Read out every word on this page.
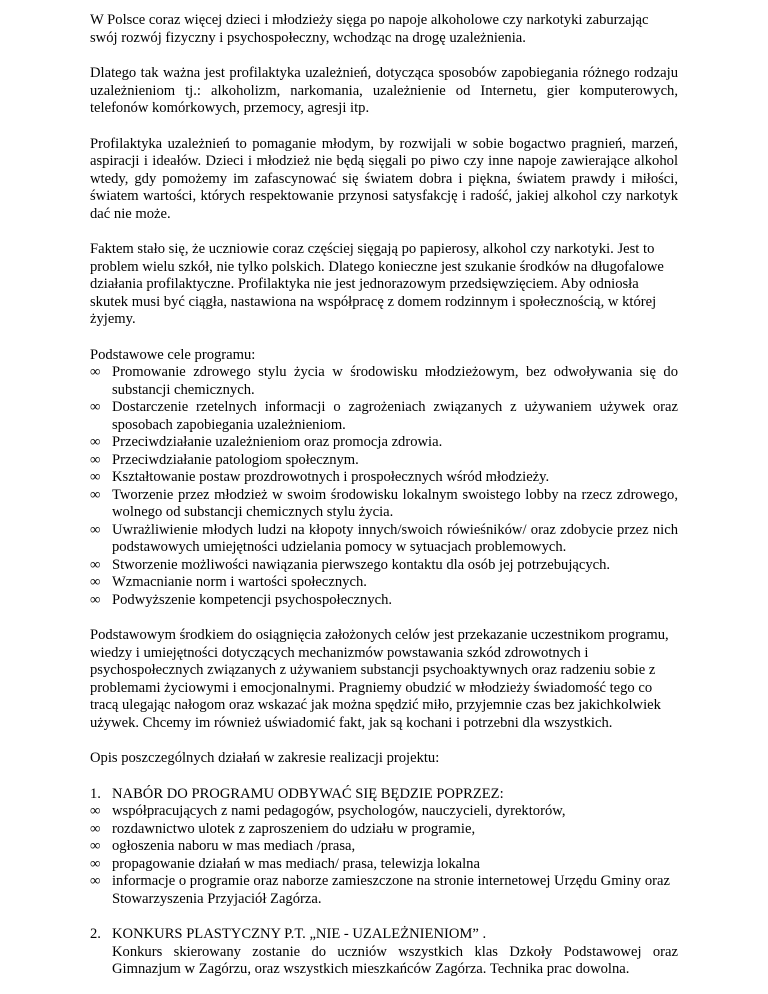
W Polsce coraz więcej dzieci i młodzieży sięga po napoje alkoholowe czy narkotyki zaburzając swój rozwój fizyczny i psychospołeczny, wchodząc na drogę uzależnienia.

Dlatego tak ważna jest profilaktyka uzależnień, dotycząca sposobów zapobiegania różnego rodzaju uzależnieniom tj.: alkoholizm, narkomania, uzależnienie od Internetu, gier komputerowych, telefonów komórkowych, przemocy, agresji itp.

Profilaktyka uzależnień to pomaganie młodym, by rozwijali w sobie bogactwo pragnień, marzeń, aspiracji i ideałów. Dzieci i młodzież nie będą sięgali po piwo czy inne napoje zawierające alkohol wtedy, gdy pomożemy im zafascynować się światem dobra i piękna, światem prawdy i miłości, światem wartości, których respektowanie przynosi satysfakcję i radość, jakiej alkohol czy narkotyk dać nie może.

Faktem stało się, że uczniowie coraz częściej sięgają po papierosy, alkohol czy narkotyki. Jest to problem wielu szkół, nie tylko polskich. Dlatego konieczne jest szukanie środków na długofalowe działania profilaktyczne. Profilaktyka nie jest jednorazowym przedsięwzięciem. Aby odniosła skutek musi być ciągła, nastawiona na współpracę z domem rodzinnym i społecznością, w której żyjemy.

Podstawowe cele programu:
∞ Promowanie zdrowego stylu życia w środowisku młodzieżowym, bez odwoływania się do substancji chemicznych.
∞ Dostarczenie rzetelnych informacji o zagrożeniach związanych z używaniem używek oraz sposobach zapobiegania uzależnieniom.
∞ Przeciwdziałanie uzależnieniom oraz promocja zdrowia.
∞ Przeciwdziałanie patologiom społecznym.
∞ Kształtowanie postaw prozdrowotnych i prospołecznych wśród młodzieży.
∞ Tworzenie przez młodzież w swoim środowisku lokalnym swoistego lobby na rzecz zdrowego, wolnego od substancji chemicznych stylu życia.
∞ Uwrażliwienie młodych ludzi na kłopoty innych/swoich rówieśników/ oraz zdobycie przez nich podstawowych umiejętności udzielania pomocy w sytuacjach problemowych.
∞ Stworzenie możliwości nawiązania pierwszego kontaktu dla osób jej potrzebujących.
∞ Wzmacnianie norm i wartości społecznych.
∞ Podwyższenie kompetencji psychospołecznych.

Podstawowym środkiem do osiągnięcia założonych celów jest przekazanie uczestnikom programu, wiedzy i umiejętności dotyczących mechanizmów powstawania szkód zdrowotnych i psychospołecznych związanych z używaniem substancji psychoaktywnych oraz radzeniu sobie z problemami życiowymi i emocjonalnymi. Pragniemy obudzić w młodzieży świadomość tego co tracą ulegając nałogom oraz wskazać jak można spędzić miło, przyjemnie czas bez jakichkolwiek używek. Chcemy im również uświadomić fakt, jak są kochani i potrzebni dla wszystkich.

Opis poszczególnych działań w zakresie realizacji projektu:

1. NABÓR DO PROGRAMU ODBYWAĆ SIĘ BĘDZIE POPRZEZ:
∞ współpracujących z nami pedagogów, psychologów, nauczycieli, dyrektorów,
∞ rozdawnictwo ulotek z zaproszeniem do udziału w programie,
∞ ogłoszenia naboru w mas mediach /prasa,
∞ propagowanie działań w mas mediach/ prasa, telewizja lokalna
∞ informacje o programie oraz naborze zamieszczone na stronie internetowej Urzędu Gminy oraz Stowarzyszenia Przyjaciół Zagórza.
2. KONKURS PLASTYCZNY P.T. „NIE - UZALEŻNIENIOM” .
Konkurs skierowany zostanie do uczniów wszystkich klas Dzkoły Podstawowej oraz Gimnazjum w Zagórzu, oraz wszystkich mieszkańców Zagórza. Technika prac dowolna.
